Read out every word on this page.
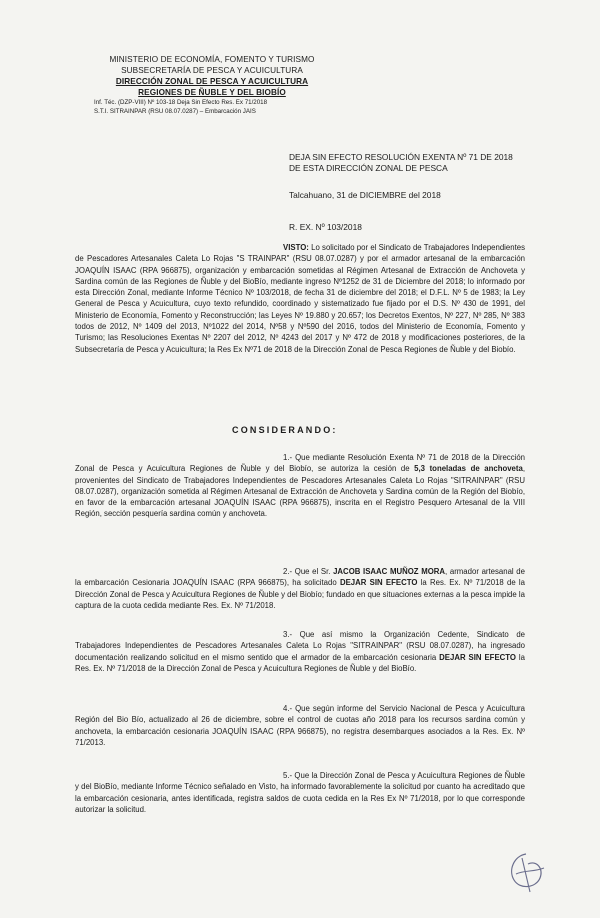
MINISTERIO DE ECONOMÍA, FOMENTO Y TURISMO
SUBSECRETARÍA DE PESCA Y ACUICULTURA
DIRECCIÓN ZONAL DE PESCA Y ACUICULTURA
REGIONES DE ÑUBLE Y DEL BIOBÍO
Inf. Téc. (DZP-VIII) Nº 103-18 Deja Sin Efecto Res. Ex 71/2018
S.T.I. SITRAINPAR (RSU 08.07.0287) – Embarcación JAIS
DEJA SIN EFECTO RESOLUCIÓN EXENTA Nº 71 DE 2018 DE ESTA DIRECCIÓN ZONAL DE PESCA
Talcahuano, 31 de DICIEMBRE del 2018
R. EX. Nº 103/2018
VISTO: Lo solicitado por el Sindicato de Trabajadores Independientes de Pescadores Artesanales Caleta Lo Rojas "S TRAINPAR" (RSU 08.07.0287) y por el armador artesanal de la embarcación JOAQUÍN ISAAC (RPA 966875), organización y embarcación sometidas al Régimen Artesanal de Extracción de Anchoveta y Sardina común de las Regiones de Ñuble y del BioBío, mediante ingreso Nº1252 de 31 de Diciembre del 2018; lo informado por esta Dirección Zonal, mediante Informe Técnico Nº 103/2018, de fecha 31 de diciembre del 2018; el D.F.L. Nº 5 de 1983; la Ley General de Pesca y Acuicultura, cuyo texto refundido, coordinado y sistematizado fue fijado por el D.S. Nº 430 de 1991, del Ministerio de Economía, Fomento y Reconstrucción; las Leyes Nº 19.880 y 20.657; los Decretos Exentos, Nº 227, Nº 285, Nº 383 todos de 2012, Nº 1409 del 2013, Nº1022 del 2014, Nº58 y Nº590 del 2016, todos del Ministerio de Economía, Fomento y Turismo; las Resoluciones Exentas Nº 2207 del 2012, Nº 4243 del 2017 y Nº 472 de 2018 y modificaciones posteriores, de la Subsecretaría de Pesca y Acuicultura; la Res Ex Nº71 de 2018 de la Dirección Zonal de Pesca Regiones de Ñuble y del Biobío.
CONSIDERANDO:
1.- Que mediante Resolución Exenta Nº 71 de 2018 de la Dirección Zonal de Pesca y Acuicultura Regiones de Ñuble y del Biobío, se autoriza la cesión de 5,3 toneladas de anchoveta, provenientes del Sindicato de Trabajadores Independientes de Pescadores Artesanales Caleta Lo Rojas "SITRAINPAR" (RSU 08.07.0287), organización sometida al Régimen Artesanal de Extracción de Anchoveta y Sardina común de la Región del Biobío, en favor de la embarcación artesanal JOAQUÍN ISAAC (RPA 966875), inscrita en el Registro Pesquero Artesanal de la VIII Región, sección pesquería sardina común y anchoveta.
2.- Que el Sr. JACOB ISAAC MUÑOZ MORA, armador artesanal de la embarcación Cesionaria JOAQUÍN ISAAC (RPA 966875), ha solicitado DEJAR SIN EFECTO la Res. Ex. Nº 71/2018 de la Dirección Zonal de Pesca y Acuicultura Regiones de Ñuble y del Biobío; fundado en que situaciones externas a la pesca impide la captura de la cuota cedida mediante Res. Ex. Nº 71/2018.
3.- Que así mismo la Organización Cedente, Sindicato de Trabajadores Independientes de Pescadores Artesanales Caleta Lo Rojas "SITRAINPAR" (RSU 08.07.0287), ha ingresado documentación realizando solicitud en el mismo sentido que el armador de la embarcación cesionaria DEJAR SIN EFECTO la Res. Ex. Nº 71/2018 de la Dirección Zonal de Pesca y Acuicultura Regiones de Ñuble y del BioBío.
4.- Que según informe del Servicio Nacional de Pesca y Acuicultura Región del Bio Bío, actualizado al 26 de diciembre, sobre el control de cuotas año 2018 para los recursos sardina común y anchoveta, la embarcación cesionaria JOAQUÍN ISAAC (RPA 966875), no registra desembarques asociados a la Res. Ex. Nº 71/2013.
5.- Que la Dirección Zonal de Pesca y Acuicultura Regiones de Ñuble y del BioBío, mediante Informe Técnico señalado en Visto, ha informado favorablemente la solicitud por cuanto ha acreditado que la embarcación cesionaria, antes identificada, registra saldos de cuota cedida en la Res Ex Nº 71/2018, por lo que corresponde autorizar la solicitud.
